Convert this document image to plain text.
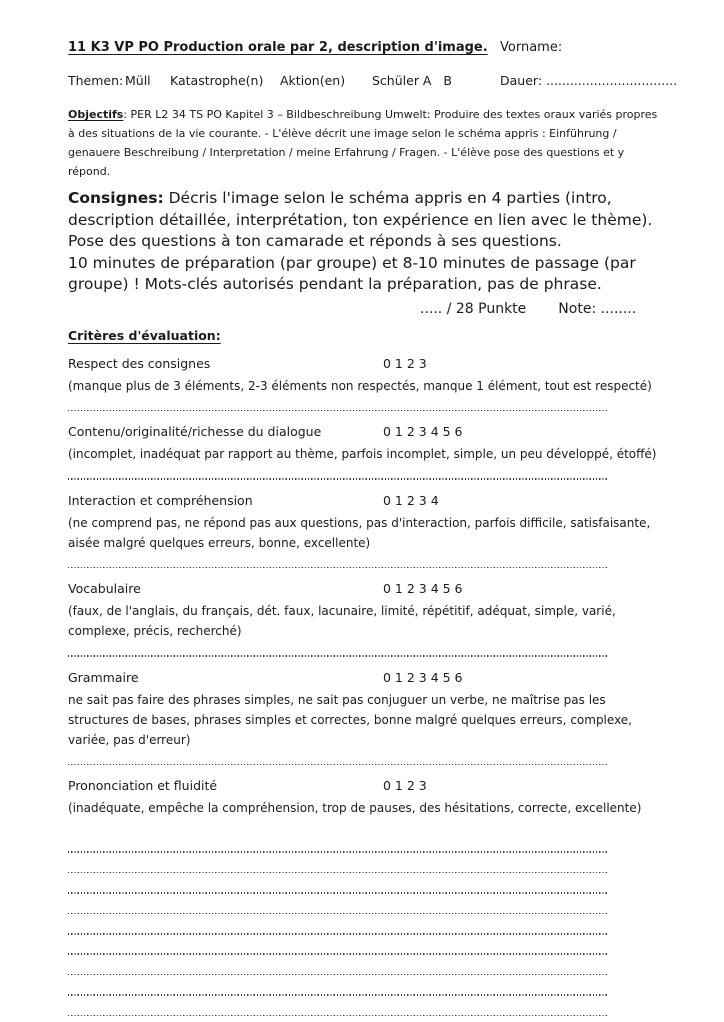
11 K3 VP PO Production orale par 2, description d'image. Vorname:
Themen: Müll Katastrophe(n) Aktion(en) Schüler A   B	Dauer: .................................
Objectifs: PER L2 34 TS PO Kapitel 3 – Bildbeschreibung Umwelt: Produire des textes oraux variés propres à des situations de la vie courante. - L'élève décrit une image selon le schéma appris : Einführung / genauere Beschreibung / Interpretation / meine Erfahrung / Fragen. - L'élève pose des questions et y répond.

Consignes: Décris l'image selon le schéma appris en 4 parties (intro, description détaillée, interprétation, ton expérience en lien avec le thème). Pose des questions à ton camarade et réponds à ses questions.

10 minutes de préparation (par groupe) et 8-10 minutes de passage (par groupe) ! Mots-clés autorisés pendant la préparation, pas de phrase.

..... / 28 Punkte Note: ........
Critères d'évaluation:
Respect des consignes	0 1 2 3
(manque plus de 3 éléments, 2-3 éléments non respectés, manque 1 élément, tout est respecté)
Contenu/originalité/richesse du dialogue	0 1 2 3 4 5 6
(incomplet, inadéquat par rapport au thème, parfois incomplet, simple, un peu développé, étoffé)
Interaction et compréhension	0 1 2 3 4
(ne comprend pas, ne répond pas aux questions, pas d'interaction, parfois difficile, satisfaisante, aisée malgré quelques erreurs, bonne, excellente)
Vocabulaire	0 1 2 3 4 5 6
(faux, de l'anglais, du français, dét. faux, lacunaire, limité, répétitif, adéquat, simple, varié, complexe, précis, recherché)
Grammaire	0 1 2 3 4 5 6
ne sait pas faire des phrases simples, ne sait pas conjuguer un verbe, ne maîtrise pas les structures de bases, phrases simples et correctes, bonne malgré quelques erreurs, complexe, variée, pas d'erreur)
Prononciation et fluidité	0 1 2 3
(inadéquate, empêche la compréhension, trop de pauses, des hésitations, correcte, excellente)
